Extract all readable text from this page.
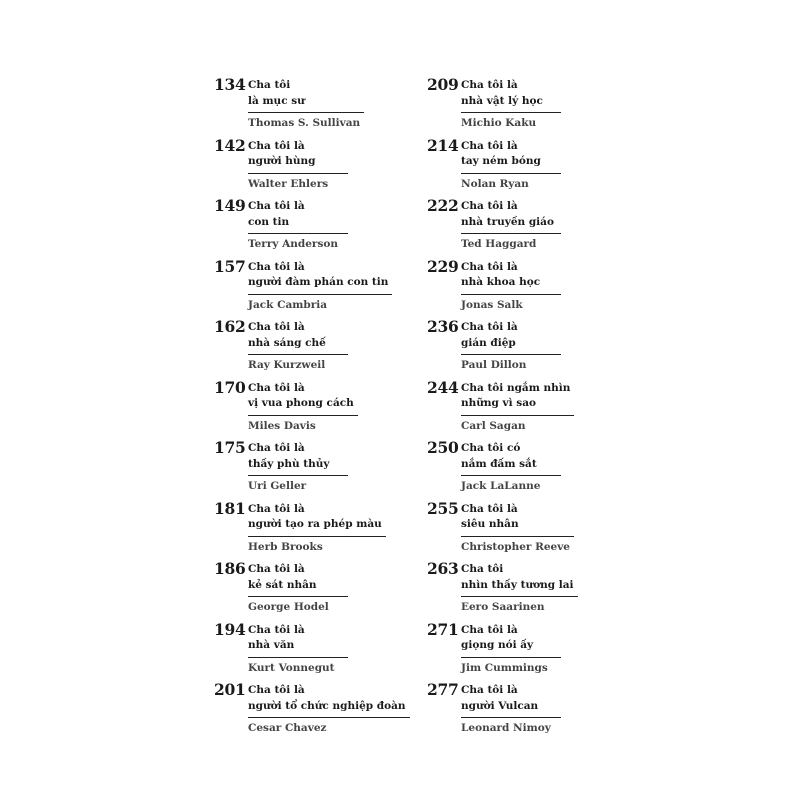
134 Cha tôi
là mục sư
Thomas S. Sullivan
142 Cha tôi là
người hùng
Walter Ehlers
149 Cha tôi là
con tin
Terry Anderson
157 Cha tôi là
người đàm phán con tin
Jack Cambria
162 Cha tôi là
nhà sáng chế
Ray Kurzweil
170 Cha tôi là
vị vua phong cách
Miles Davis
175 Cha tôi là
thầy phù thủy
Uri Geller
181 Cha tôi là
người tạo ra phép màu
Herb Brooks
186 Cha tôi là
kẻ sát nhân
George Hodel
194 Cha tôi là
nhà văn
Kurt Vonnegut
201 Cha tôi là
người tổ chức nghiệp đoàn
Cesar Chavez
209 Cha tôi là
nhà vật lý học
Michio Kaku
214 Cha tôi là
tay ném bóng
Nolan Ryan
222 Cha tôi là
nhà truyền giáo
Ted Haggard
229 Cha tôi là
nhà khoa học
Jonas Salk
236 Cha tôi là
gián điệp
Paul Dillon
244 Cha tôi ngắm nhìn
những vì sao
Carl Sagan
250 Cha tôi có
nắm đấm sắt
Jack LaLanne
255 Cha tôi là
siêu nhân
Christopher Reeve
263 Cha tôi
nhìn thấy tương lai
Eero Saarinen
271 Cha tôi là
giọng nói ấy
Jim Cummings
277 Cha tôi là
người Vulcan
Leonard Nimoy
